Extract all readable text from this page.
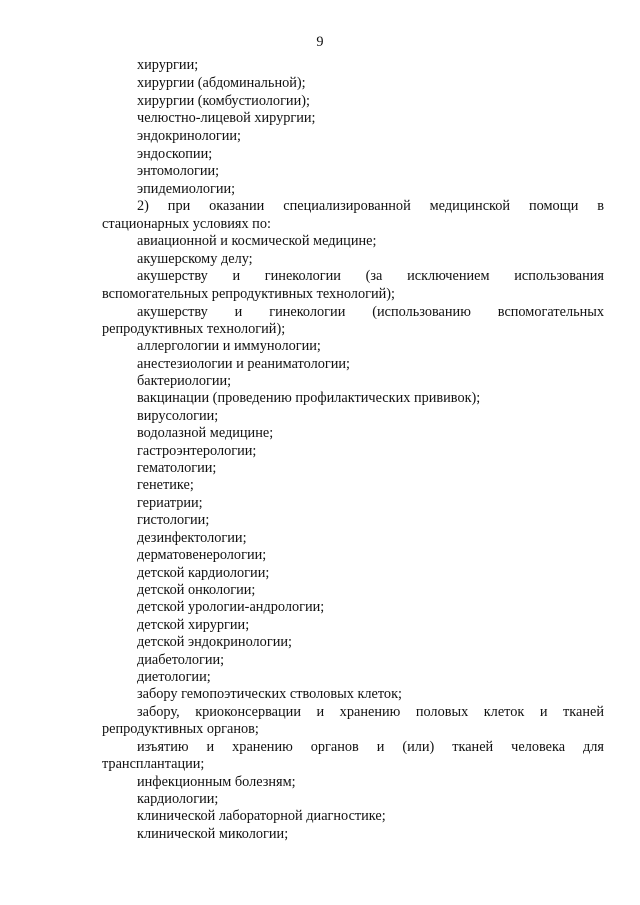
9
хирургии;
хирургии (абдоминальной);
хирургии (комбустиологии);
челюстно-лицевой хирургии;
эндокринологии;
эндоскопии;
энтомологии;
эпидемиологии;
2) при оказании специализированной медицинской помощи в
стационарных условиях по:
авиационной и космической медицине;
акушерскому делу;
акушерству и гинекологии (за исключением использования
вспомогательных репродуктивных технологий);
акушерству и гинекологии (использованию вспомогательных
репродуктивных технологий);
аллергологии и иммунологии;
анестезиологии и реаниматологии;
бактериологии;
вакцинации (проведению профилактических прививок);
вирусологии;
водолазной медицине;
гастроэнтерологии;
гематологии;
генетике;
гериатрии;
гистологии;
дезинфектологии;
дерматовенерологии;
детской кардиологии;
детской онкологии;
детской урологии-андрологии;
детской хирургии;
детской эндокринологии;
диабетологии;
диетологии;
забору гемопоэтических стволовых клеток;
забору, криоконсервации и хранению половых клеток и тканей
репродуктивных органов;
изъятию и хранению органов и (или) тканей человека для
трансплантации;
инфекционным болезням;
кардиологии;
клинической лабораторной диагностике;
клинической микологии;
